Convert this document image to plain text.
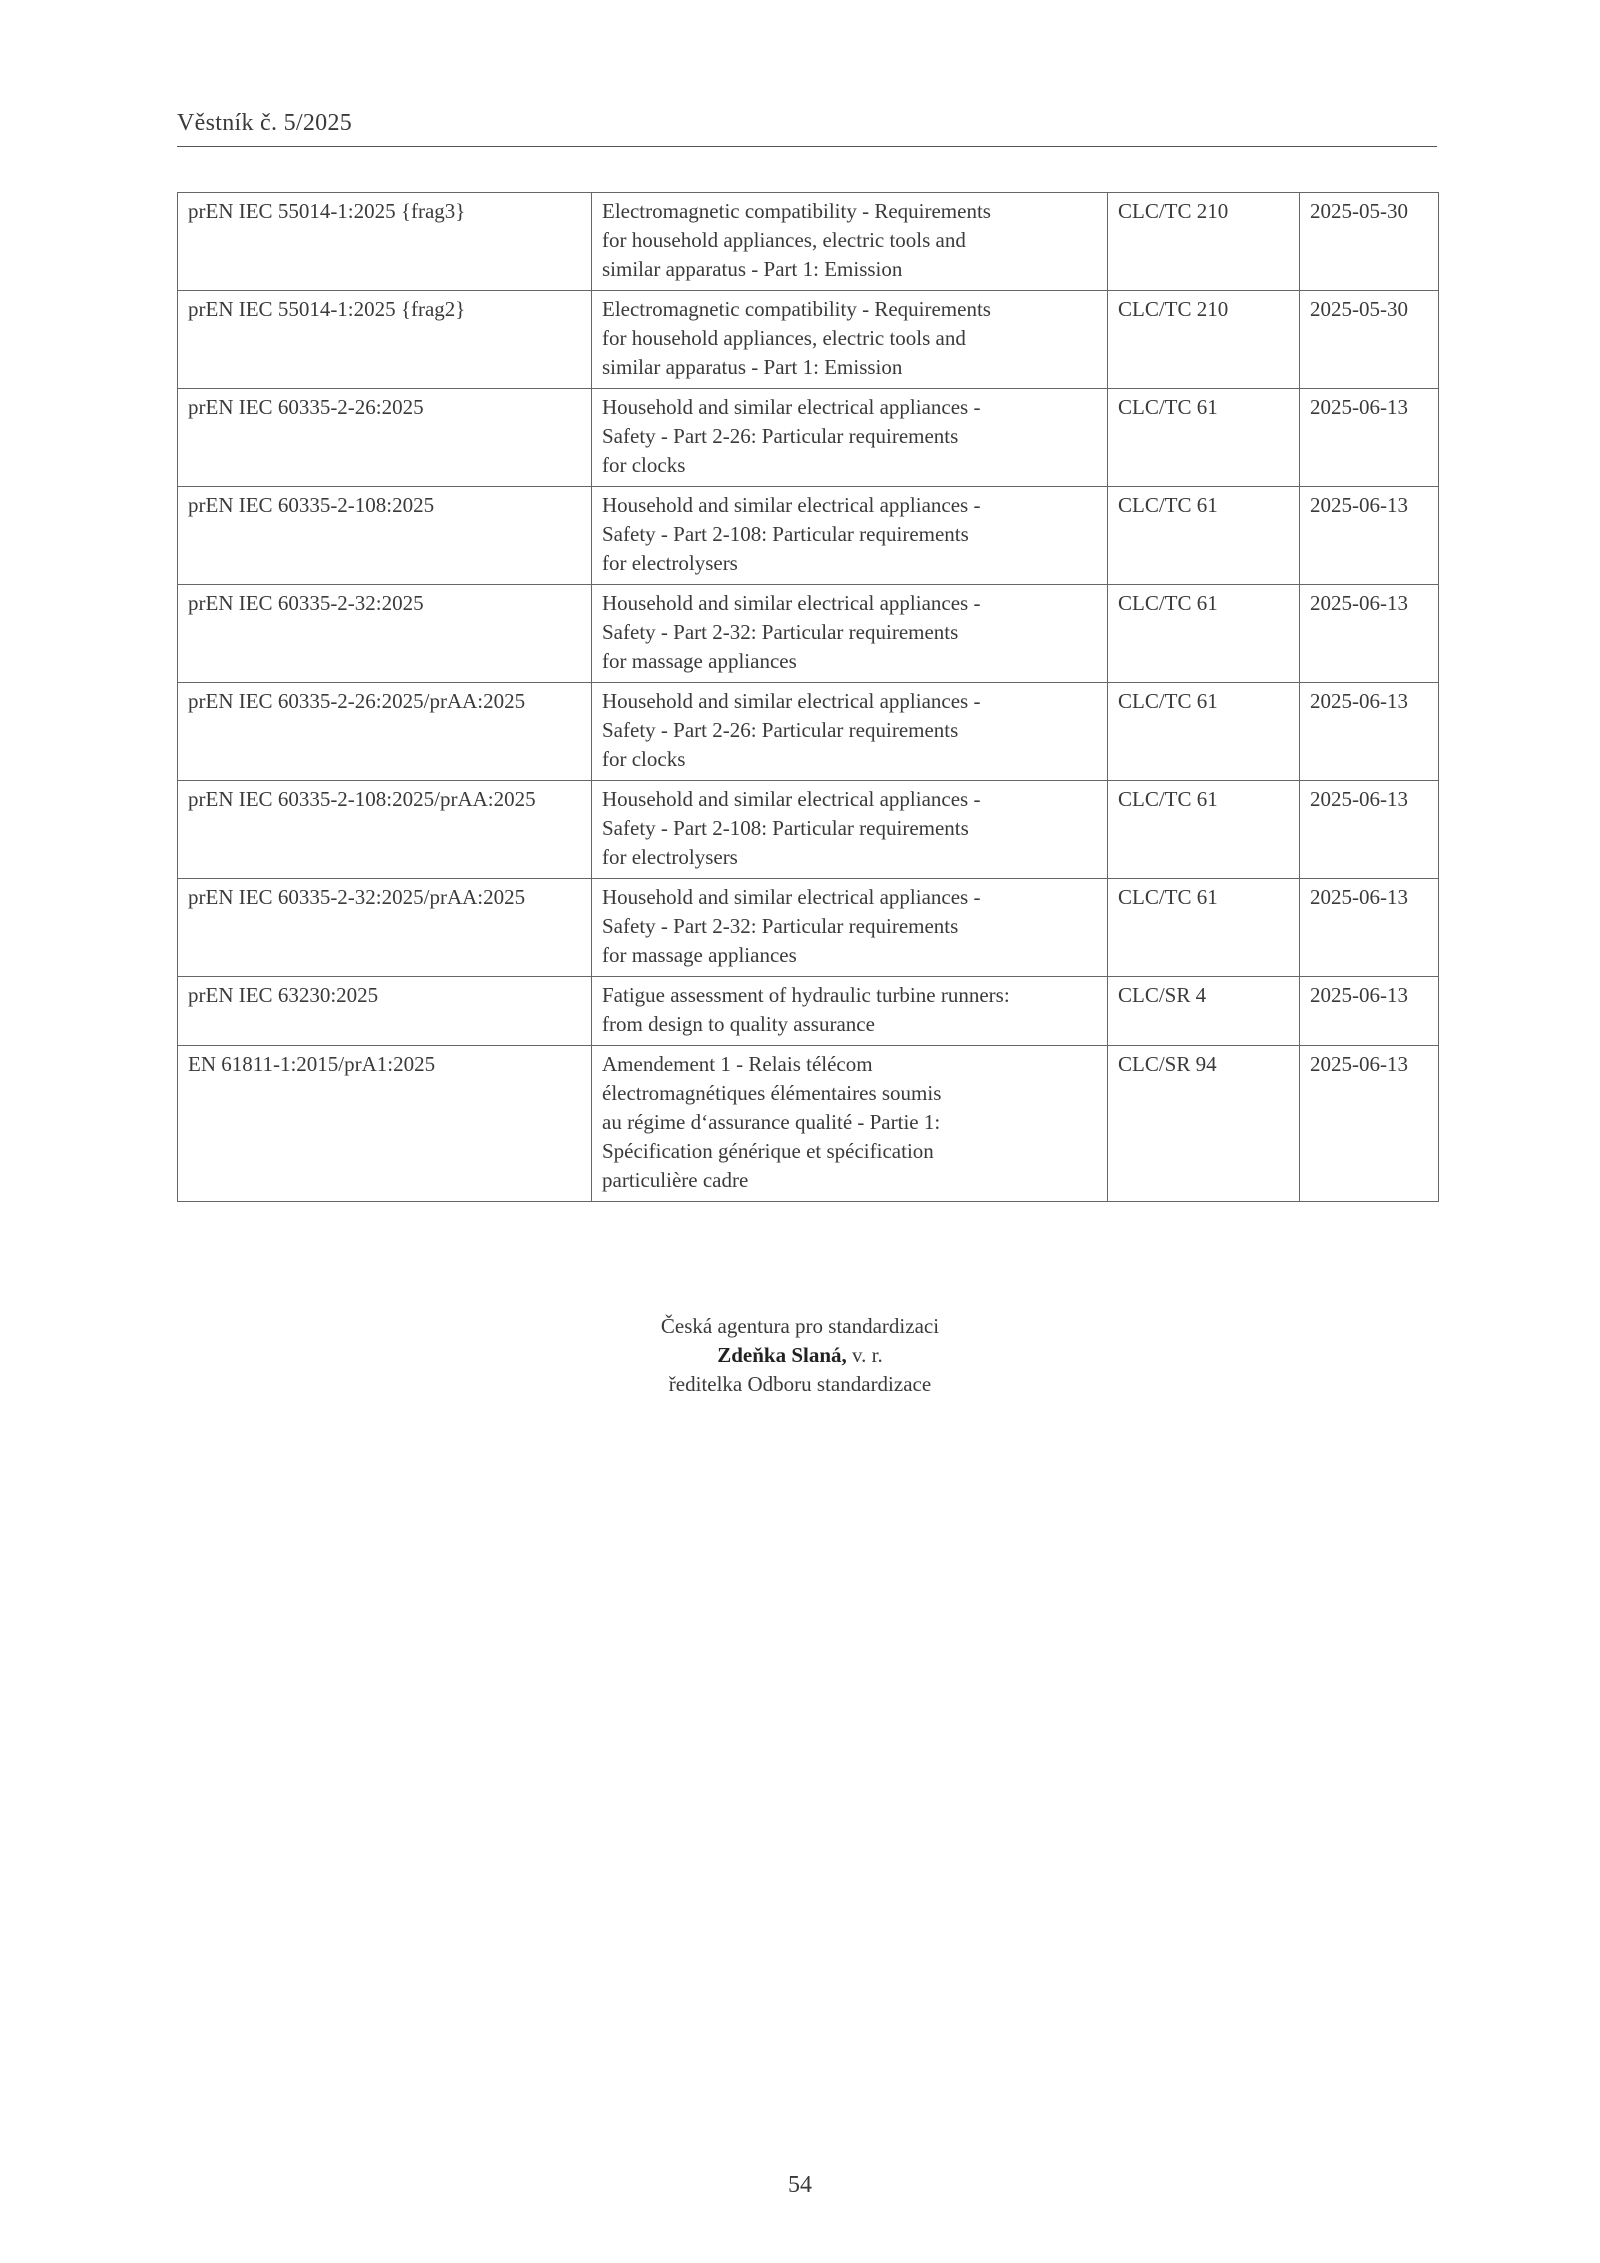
Věstník č. 5/2025
prEN IEC 55014-1:2025 {frag3}	Electromagnetic compatibility - Requirements
for household appliances, electric tools and
similar apparatus - Part 1: Emission	CLC/TC 210	2025-05-30
prEN IEC 55014-1:2025 {frag2}	Electromagnetic compatibility - Requirements
for household appliances, electric tools and
similar apparatus - Part 1: Emission	CLC/TC 210	2025-05-30
prEN IEC 60335-2-26:2025	Household and similar electrical appliances -
Safety - Part 2-26: Particular requirements
for clocks	CLC/TC 61	2025-06-13
prEN IEC 60335-2-108:2025	Household and similar electrical appliances -
Safety - Part 2-108: Particular requirements
for electrolysers	CLC/TC 61	2025-06-13
prEN IEC 60335-2-32:2025	Household and similar electrical appliances -
Safety - Part 2-32: Particular requirements
for massage appliances	CLC/TC 61	2025-06-13
prEN IEC 60335-2-26:2025/prAA:2025	Household and similar electrical appliances -
Safety - Part 2-26: Particular requirements
for clocks	CLC/TC 61	2025-06-13
prEN IEC 60335-2-108:2025/prAA:2025	Household and similar electrical appliances -
Safety - Part 2-108: Particular requirements
for electrolysers	CLC/TC 61	2025-06-13
prEN IEC 60335-2-32:2025/prAA:2025	Household and similar electrical appliances -
Safety - Part 2-32: Particular requirements
for massage appliances	CLC/TC 61	2025-06-13
prEN IEC 63230:2025	Fatigue assessment of hydraulic turbine runners:
from design to quality assurance	CLC/SR 4	2025-06-13
EN 61811-1:2015/prA1:2025	Amendement 1 - Relais télécom
électromagnétiques élémentaires soumis
au régime d‘assurance qualité - Partie 1:
Spécification générique et spécification
particulière cadre	CLC/SR 94	2025-06-13
Česká agentura pro standardizaci
Zdeňka Slaná, v. r.
ředitelka Odboru standardizace
54
